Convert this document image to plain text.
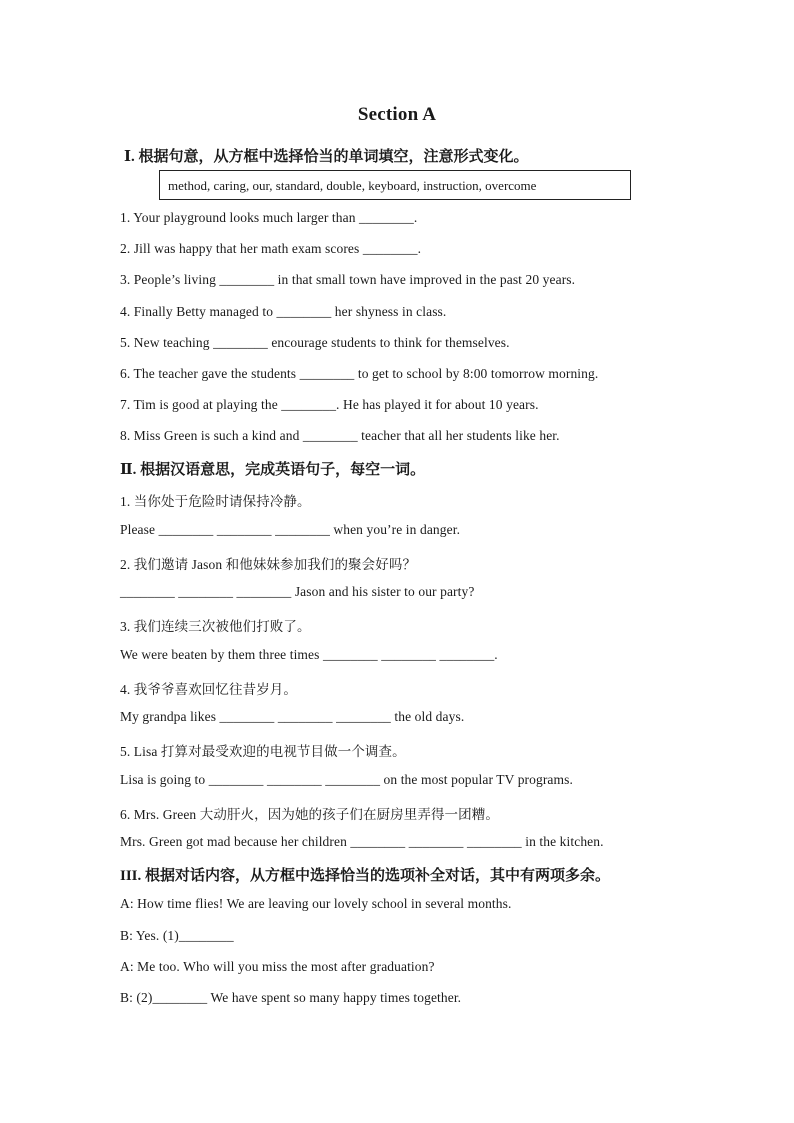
Section A
Ⅰ. 根据句意，从方框中选择恰当的单词填空，注意形式变化。
method, caring, our, standard, double, keyboard, instruction, overcome
1. Your playground looks much larger than ________.
2. Jill was happy that her math exam scores ________.
3. People’s living ________ in that small town have improved in the past 20 years.
4. Finally Betty managed to ________ her shyness in class.
5. New teaching ________ encourage students to think for themselves.
6. The teacher gave the students ________ to get to school by 8:00 tomorrow morning.
7. Tim is good at playing the ________. He has played it for about 10 years.
8. Miss Green is such a kind and ________ teacher that all her students like her.
Ⅱ. 根据汉语意思，完成英语句子，每空一词。
1. 当你处于危险时请保持冷静。
Please ________ ________ ________ when you’re in danger.
2. 我们邀请 Jason 和他妹妹参加我们的聚会好吗？
________ ________ ________ Jason and his sister to our party?
3. 我们连续三次被他们打败了。
We were beaten by them three times ________ ________ ________.
4. 我爷爷喜欢回忆往昔岁月。
My grandpa likes ________ ________ ________ the old days.
5. Lisa 打算对最受欢迎的电视节目做一个调查。
Lisa is going to ________ ________ ________ on the most popular TV programs.
6. Mrs. Green 大动肝火，因为她的孩子们在厨房里弄得一团糟。
Mrs. Green got mad because her children ________ ________ ________ in the kitchen.
III. 根据对话内容，从方框中选择恰当的选项补全对话，其中有两项多余。
A: How time flies! We are leaving our lovely school in several months.
B: Yes. (1)________
A: Me too. Who will you miss the most after graduation?
B: (2)________ We have spent so many happy times together.
